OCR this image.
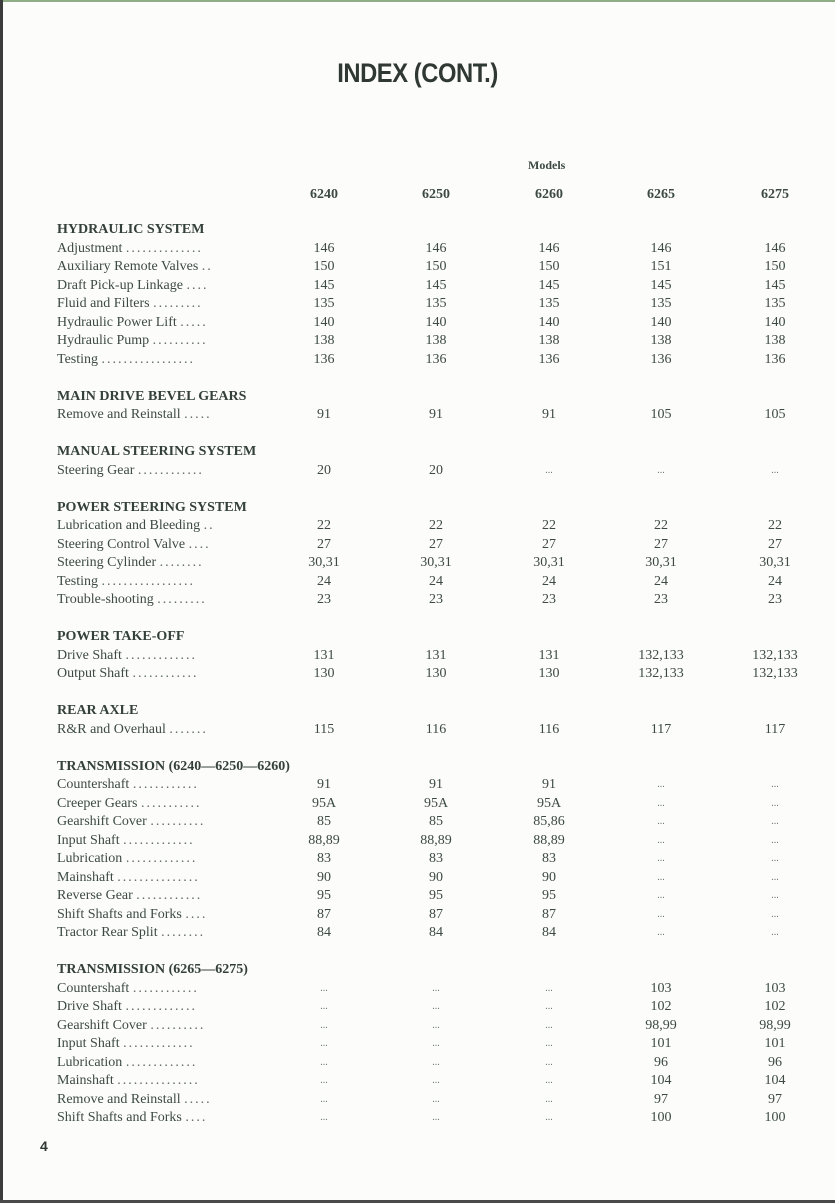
INDEX (CONT.)
Models
6240	6250	6260	6265	6275
HYDRAULIC SYSTEM
Adjustment ..............	146	146	146	146	146
Auxiliary Remote Valves ..	150	150	150	151	150
Draft Pick-up Linkage ....	145	145	145	145	145
Fluid and Filters .........	135	135	135	135	135
Hydraulic Power Lift .....	140	140	140	140	140
Hydraulic Pump ..........	138	138	138	138	138
Testing .................	136	136	136	136	136
MAIN DRIVE BEVEL GEARS
Remove and Reinstall .....	91	91	91	105	105
MANUAL STEERING SYSTEM
Steering Gear ............	20	20	...	...	...
POWER STEERING SYSTEM
Lubrication and Bleeding ..	22	22	22	22	22
Steering Control Valve ....	27	27	27	27	27
Steering Cylinder ........	30,31	30,31	30,31	30,31	30,31
Testing .................	24	24	24	24	24
Trouble-shooting .........	23	23	23	23	23
POWER TAKE-OFF
Drive Shaft .............	131	131	131	132,133	132,133
Output Shaft ............	130	130	130	132,133	132,133
REAR AXLE
R&R and Overhaul .......	115	116	116	117	117
TRANSMISSION (6240—6250—6260)
Countershaft ............	91	91	91	...	...
Creeper Gears ...........	95A	95A	95A	...	...
Gearshift Cover ..........	85	85	85,86	...	...
Input Shaft .............	88,89	88,89	88,89	...	...
Lubrication .............	83	83	83	...	...
Mainshaft ...............	90	90	90	...	...
Reverse Gear ............	95	95	95	...	...
Shift Shafts and Forks ....	87	87	87	...	...
Tractor Rear Split ........	84	84	84	...	...
TRANSMISSION (6265—6275)
Countershaft ............	...	...	...	103	103
Drive Shaft .............	...	...	...	102	102
Gearshift Cover ..........	...	...	...	98,99	98,99
Input Shaft .............	...	...	...	101	101
Lubrication .............	...	...	...	96	96
Mainshaft ...............	...	...	...	104	104
Remove and Reinstall .....	...	...	...	97	97
Shift Shafts and Forks ....	...	...	...	100	100
4
